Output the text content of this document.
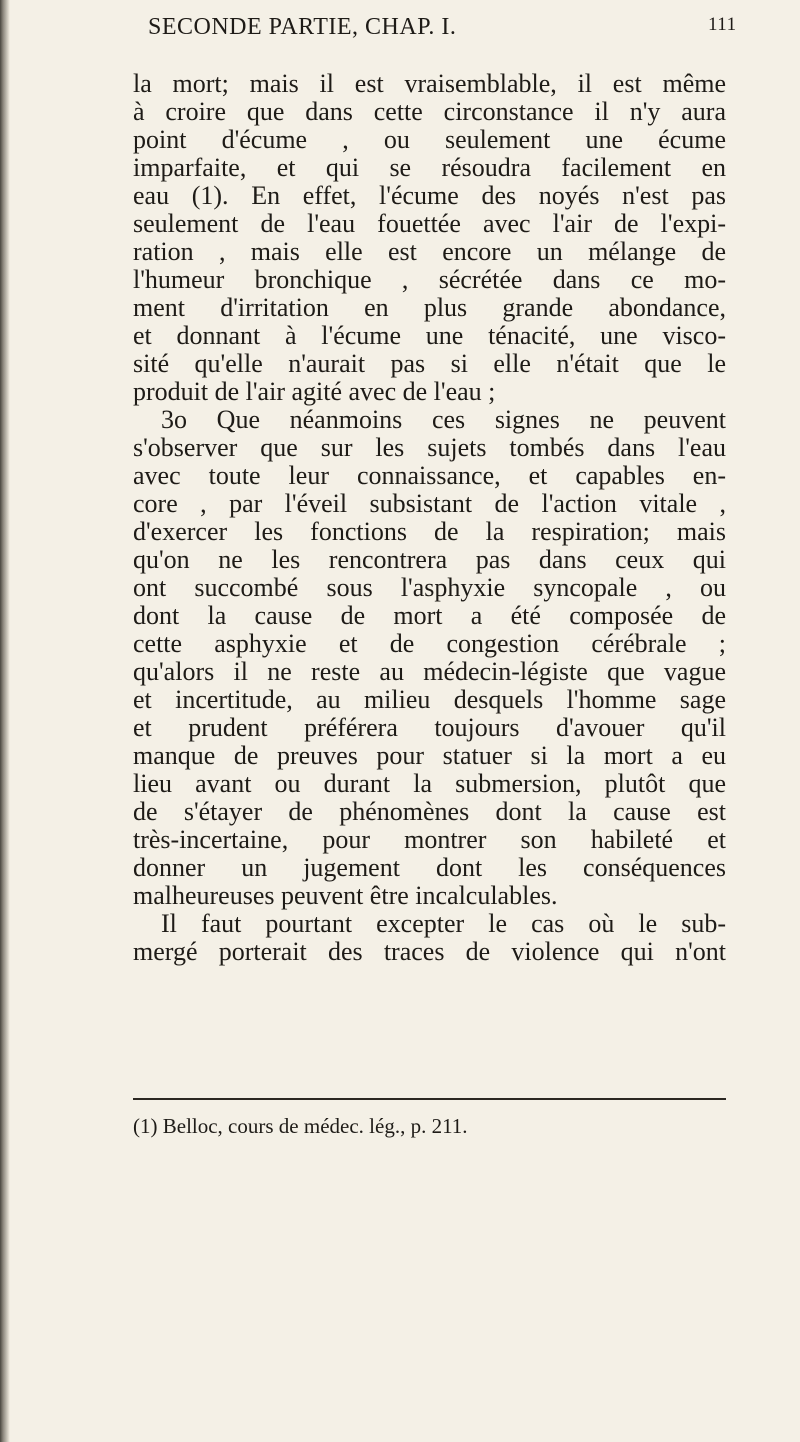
SECONDE PARTIE, CHAP. I.	111
la mort; mais il est vraisemblable, il est même
à croire que dans cette circonstance il n'y aura
point d'écume , ou seulement une écume
imparfaite, et qui se résoudra facilement en
eau (1). En effet, l'écume des noyés n'est pas
seulement de l'eau fouettée avec l'air de l'expi-
ration , mais elle est encore un mélange de
l'humeur bronchique , sécrétée dans ce mo-
ment d'irritation en plus grande abondance,
et donnant à l'écume une ténacité, une visco-
sité qu'elle n'aurait pas si elle n'était que le
produit de l'air agité avec de l'eau ;
3o Que néanmoins ces signes ne peuvent
s'observer que sur les sujets tombés dans l'eau
avec toute leur connaissance, et capables en-
core , par l'éveil subsistant de l'action vitale ,
d'exercer les fonctions de la respiration; mais
qu'on ne les rencontrera pas dans ceux qui
ont succombé sous l'asphyxie syncopale , ou
dont la cause de mort a été composée de
cette asphyxie et de congestion cérébrale ;
qu'alors il ne reste au médecin-légiste que vague
et incertitude, au milieu desquels l'homme sage
et prudent préférera toujours d'avouer qu'il
manque de preuves pour statuer si la mort a eu
lieu avant ou durant la submersion, plutôt que
de s'étayer de phénomènes dont la cause est
très-incertaine, pour montrer son habileté et
donner un jugement dont les conséquences
malheureuses peuvent être incalculables.
Il faut pourtant excepter le cas où le sub-
mergé porterait des traces de violence qui n'ont
(1) Belloc, cours de médec. lég., p. 211.
